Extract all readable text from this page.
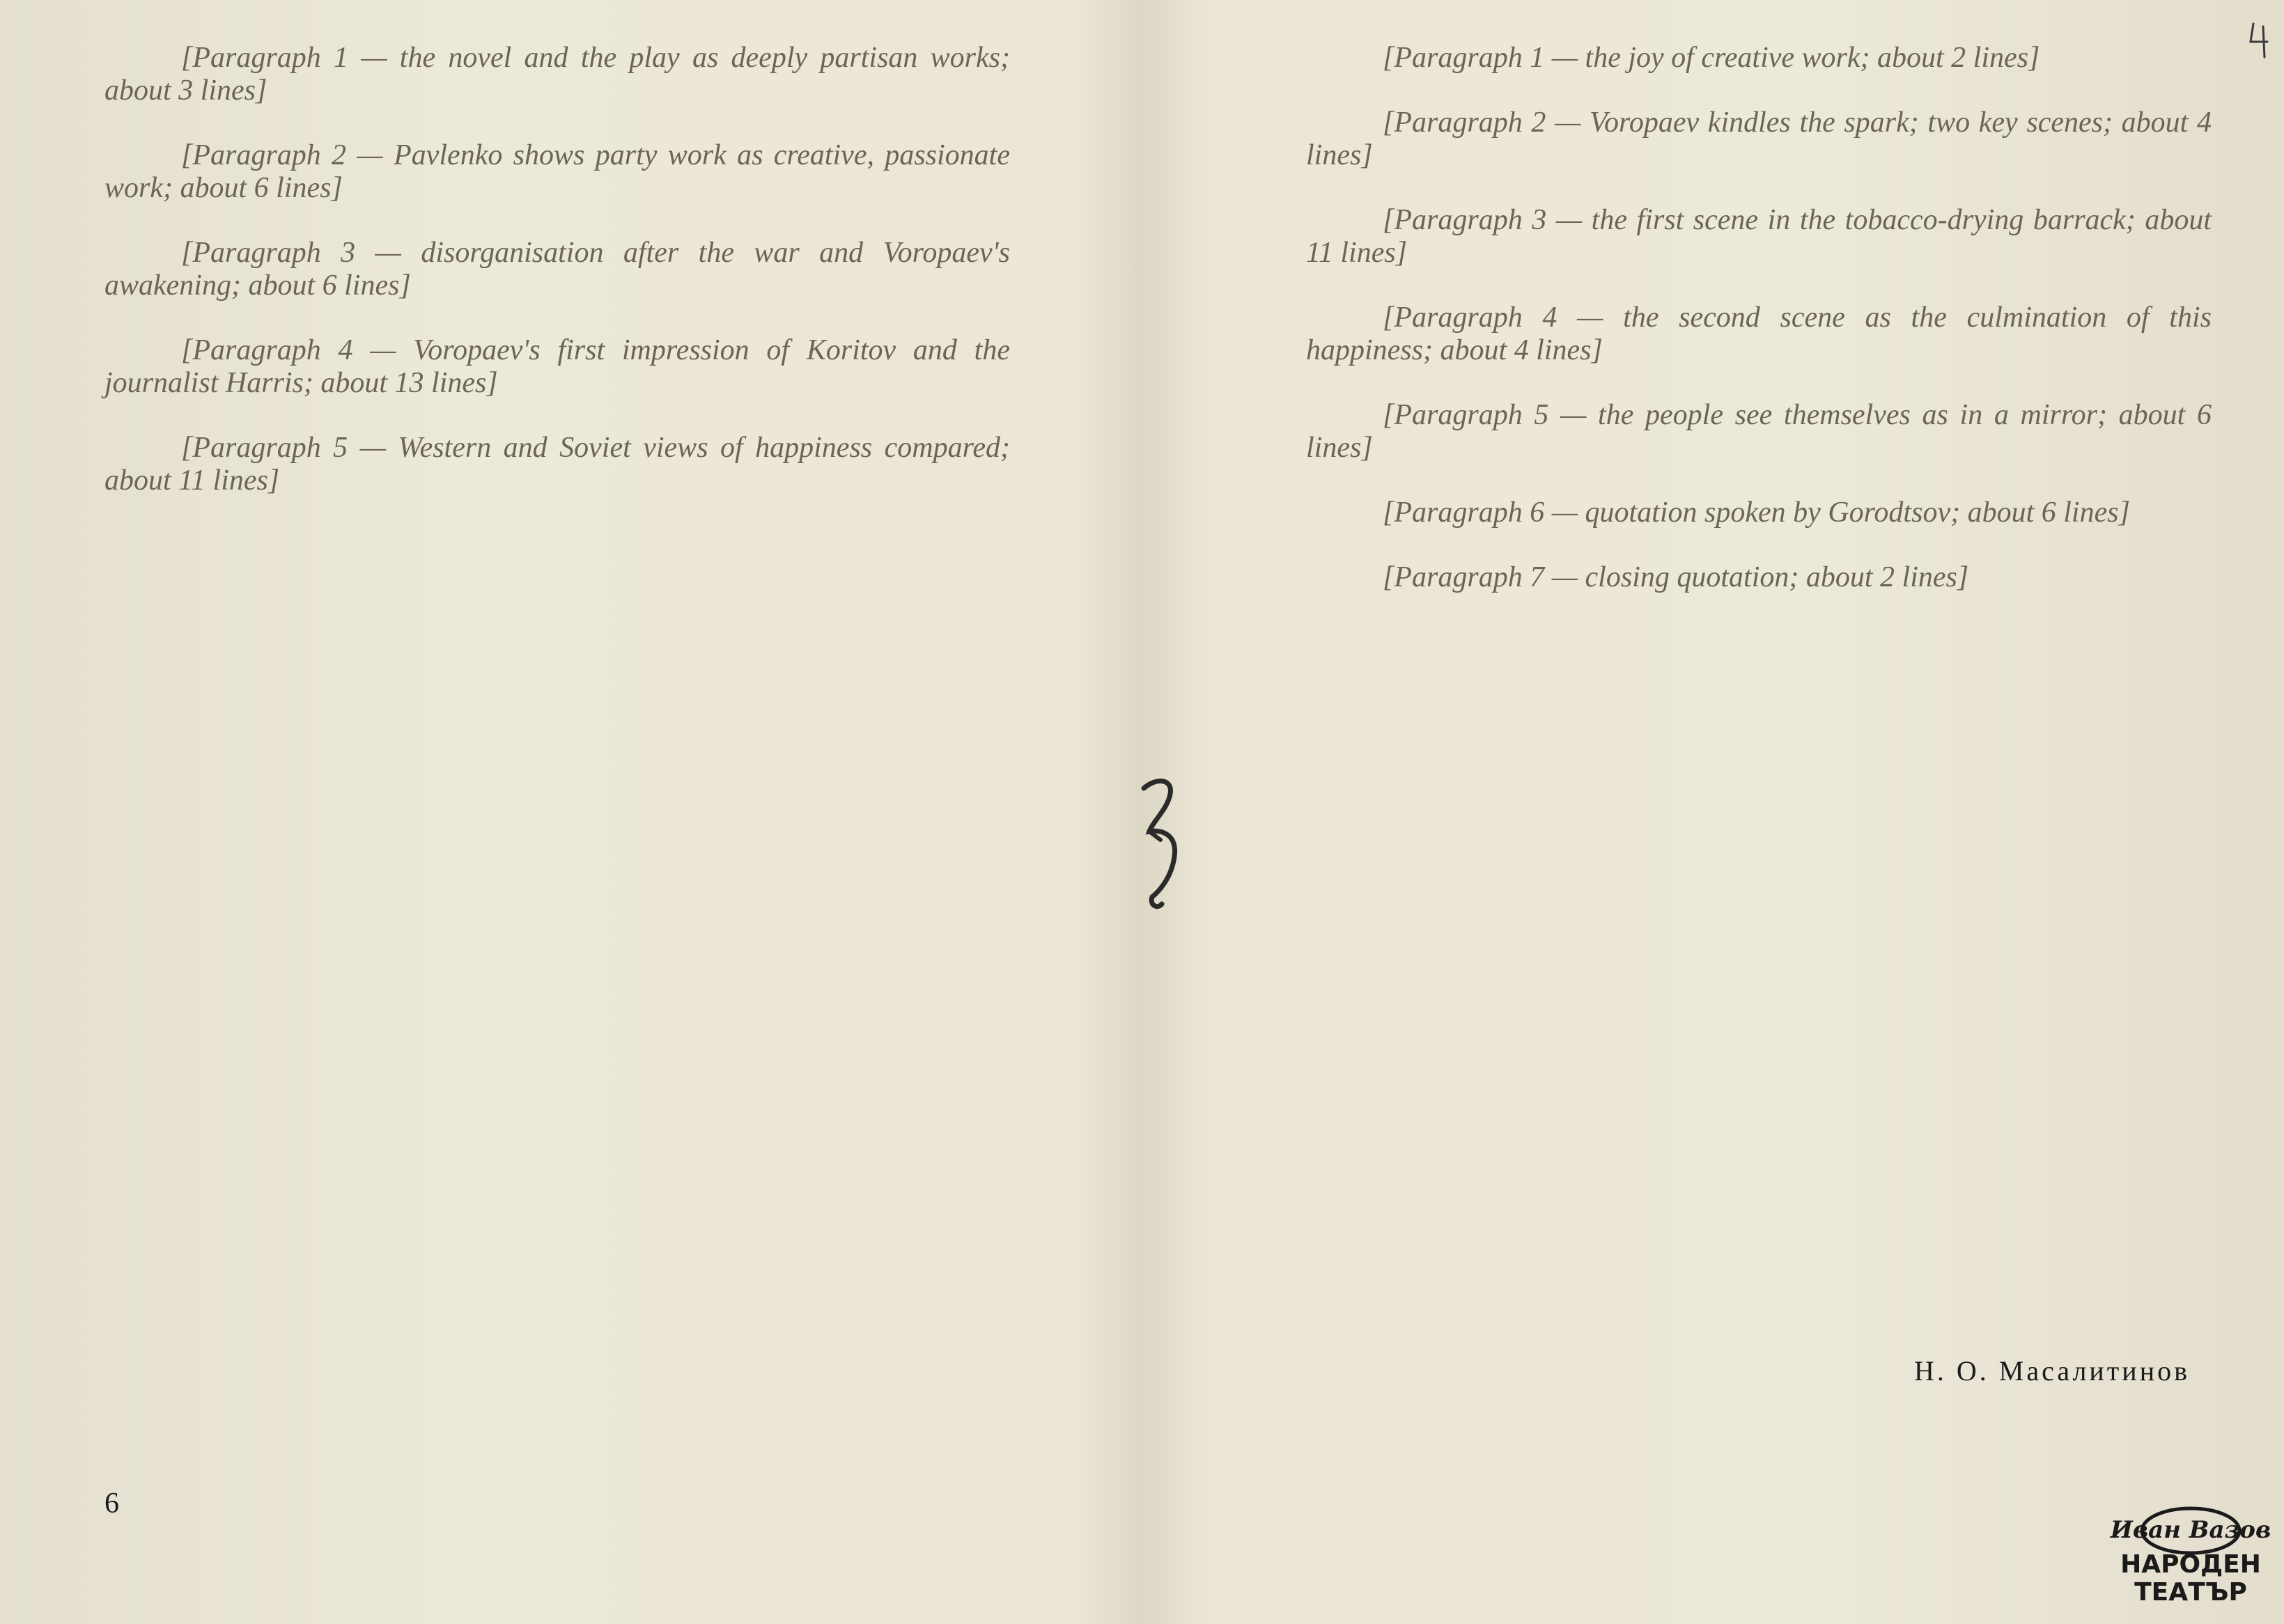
[Paragraph 1 — the novel and the play as deeply partisan works; about 3 lines]

[Paragraph 2 — Pavlenko shows party work as creative, passionate work; about 6 lines]

[Paragraph 3 — disorganisation after the war and Voropaev's awakening; about 6 lines]

[Paragraph 4 — Voropaev's first impression of Koritov and the journalist Harris; about 13 lines]

[Paragraph 5 — Western and Soviet views of happiness compared; about 11 lines]

6

[Paragraph 1 — the joy of creative work; about 2 lines]

[Paragraph 2 — Voropaev kindles the spark; two key scenes; about 4 lines]

[Paragraph 3 — the first scene in the tobacco-drying barrack; about 11 lines]

[Paragraph 4 — the second scene as the culmination of this happiness; about 4 lines]

[Paragraph 5 — the people see themselves as in a mirror; about 6 lines]

[Paragraph 6 — quotation spoken by Gorodtsov; about 6 lines]

[Paragraph 7 — closing quotation; about 2 lines]

Н. О. Масалитинов
Иван Вазов
НАРОДЕН
ТЕАТЪР
